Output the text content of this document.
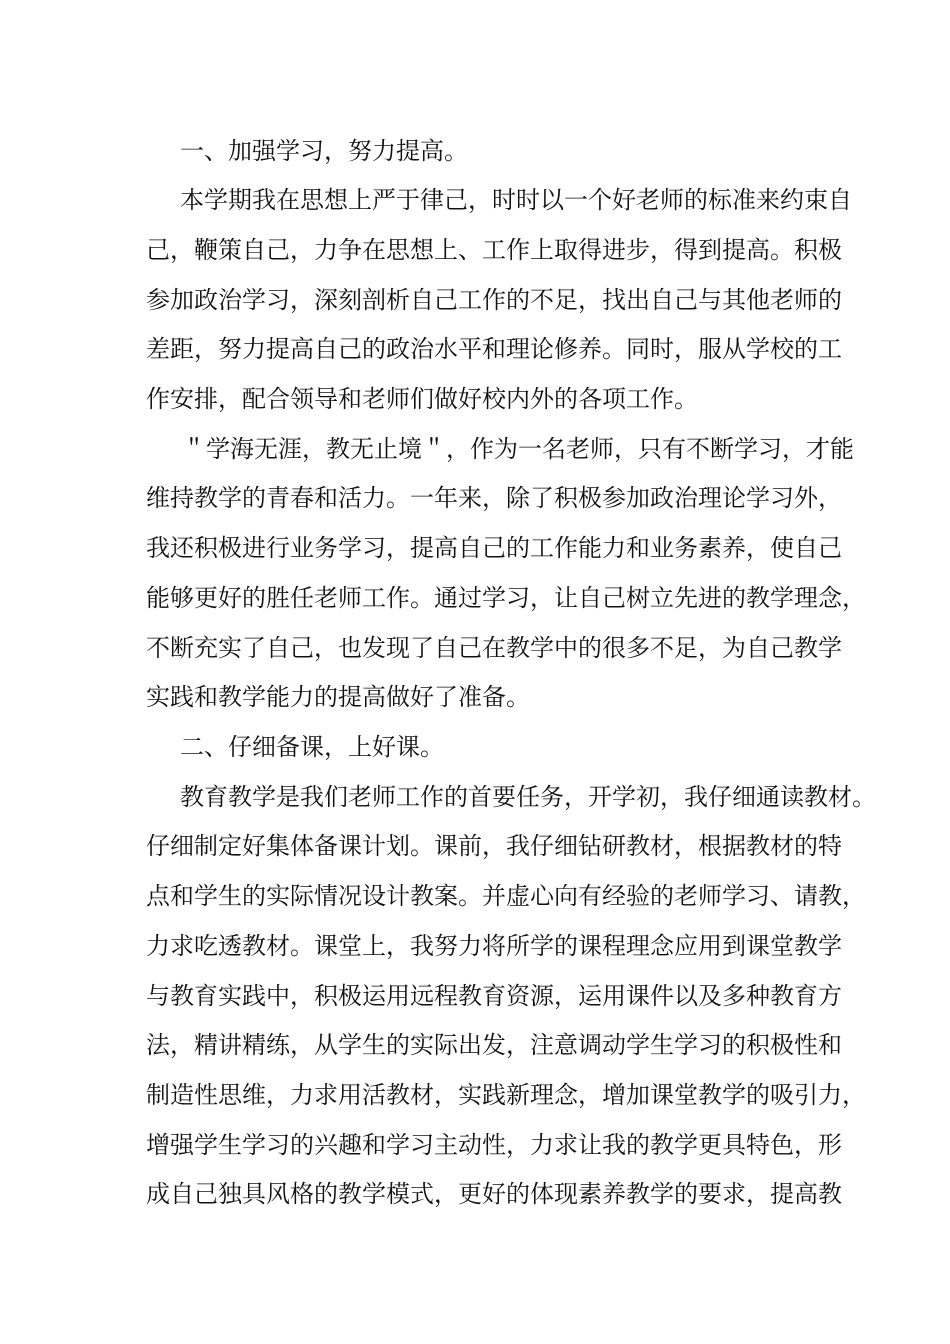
一、加强学习，努力提高。
本学期我在思想上严于律己，时时以一个好老师的标准来约束自
己，鞭策自己，力争在思想上、工作上取得进步，得到提高。积极
参加政治学习，深刻剖析自己工作的不足，找出自己与其他老师的
差距，努力提高自己的政治水平和理论修养。同时，服从学校的工
作安排，配合领导和老师们做好校内外的各项工作。
＂学海无涯，教无止境＂，作为一名老师，只有不断学习，才能
维持教学的青春和活力。一年来，除了积极参加政治理论学习外，
我还积极进行业务学习，提高自己的工作能力和业务素养，使自己
能够更好的胜任老师工作。通过学习，让自己树立先进的教学理念，
不断充实了自己，也发现了自己在教学中的很多不足，为自己教学
实践和教学能力的提高做好了准备。
二、仔细备课，上好课。
教育教学是我们老师工作的首要任务，开学初，我仔细通读教材。
仔细制定好集体备课计划。课前，我仔细钻研教材，根据教材的特
点和学生的实际情况设计教案。并虚心向有经验的老师学习、请教，
力求吃透教材。课堂上，我努力将所学的课程理念应用到课堂教学
与教育实践中，积极运用远程教育资源，运用课件以及多种教育方
法，精讲精练，从学生的实际出发，注意调动学生学习的积极性和
制造性思维，力求用活教材，实践新理念，增加课堂教学的吸引力，
增强学生学习的兴趣和学习主动性，力求让我的教学更具特色，形
成自己独具风格的教学模式，更好的体现素养教学的要求，提高教
